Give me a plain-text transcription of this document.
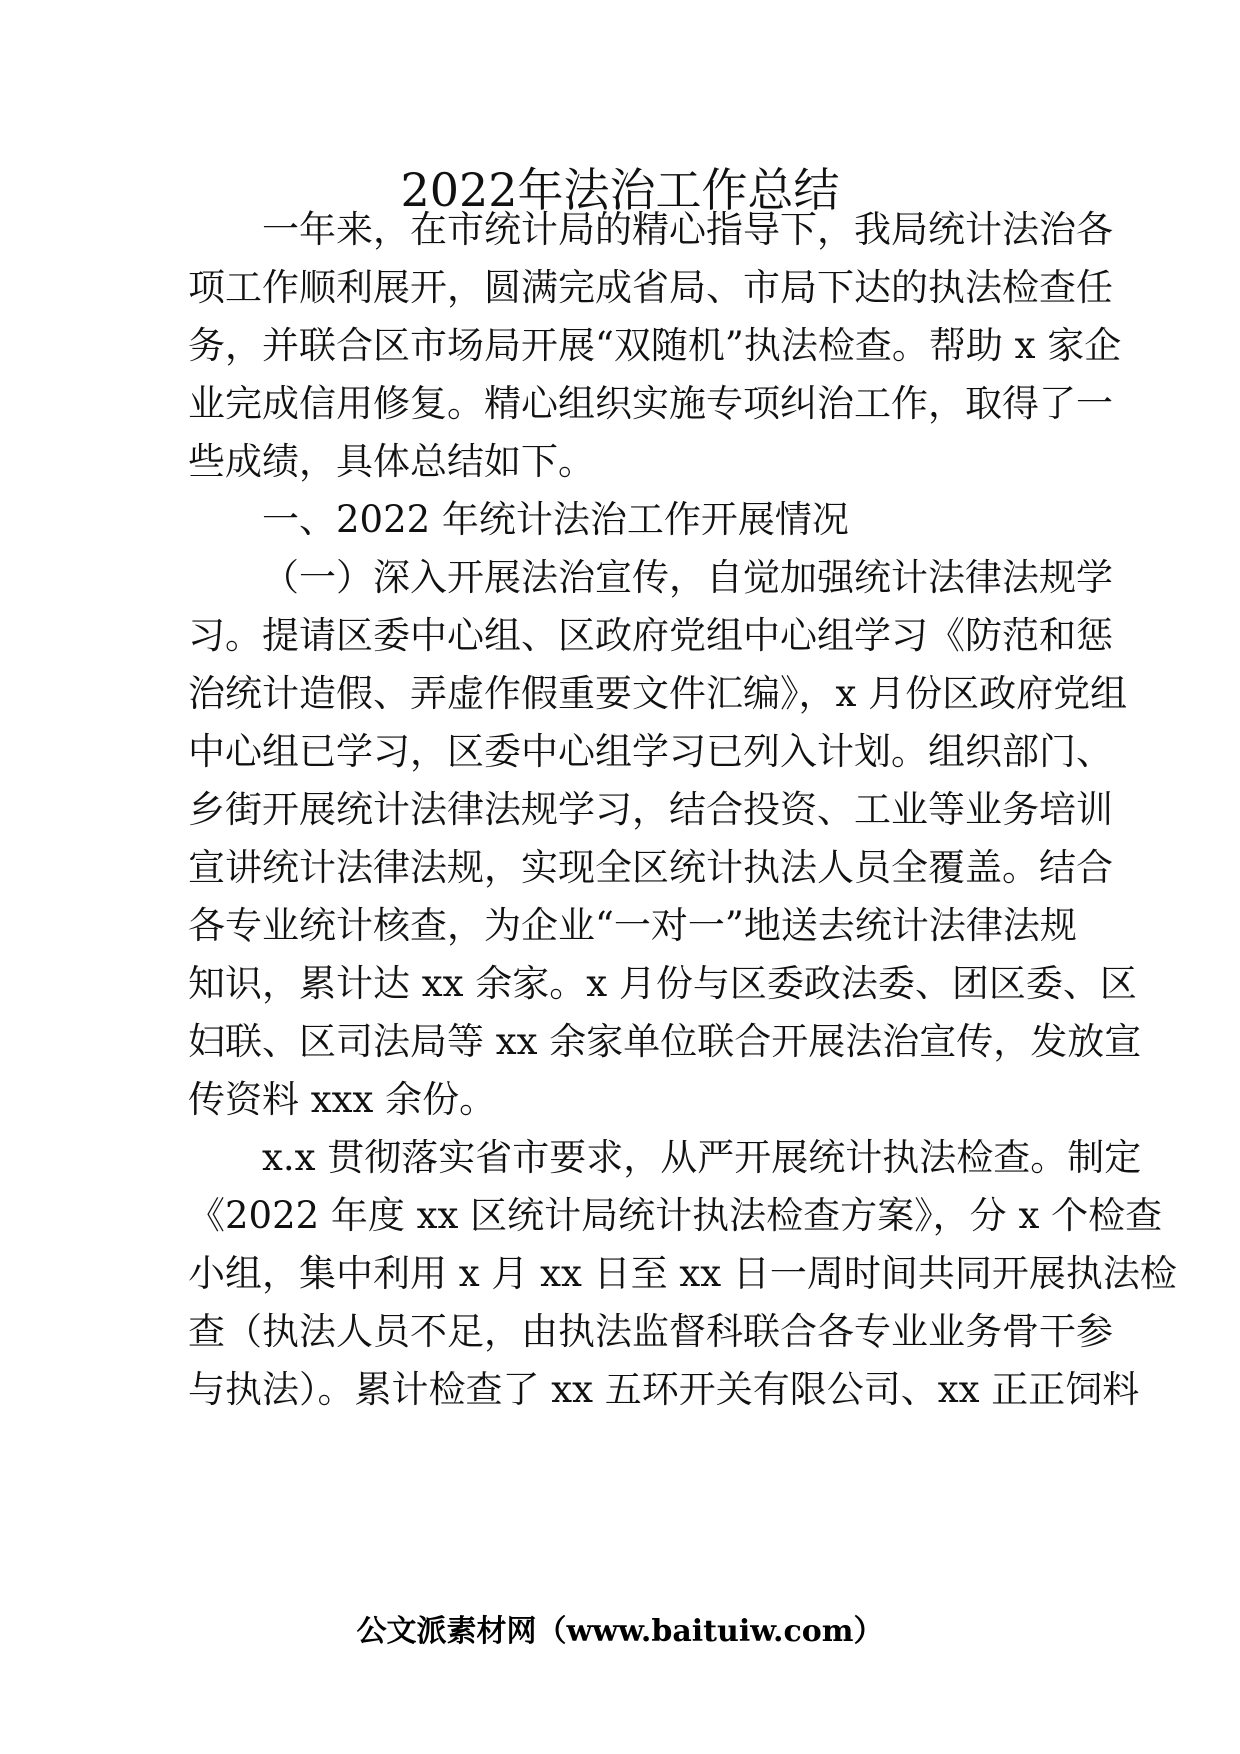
2022年法治工作总结
一年来，在市统计局的精心指导下，我局统计法治各
项工作顺利展开，圆满完成省局、市局下达的执法检查任
务，并联合区市场局开展“双随机”执法检查。帮助 x 家企
业完成信用修复。精心组织实施专项纠治工作，取得了一
些成绩，具体总结如下。
一、2022 年统计法治工作开展情况
（一）深入开展法治宣传，自觉加强统计法律法规学
习。提请区委中心组、区政府党组中心组学习《防范和惩
治统计造假、弄虚作假重要文件汇编》，x 月份区政府党组
中心组已学习，区委中心组学习已列入计划。组织部门、
乡街开展统计法律法规学习，结合投资、工业等业务培训
宣讲统计法律法规，实现全区统计执法人员全覆盖。结合
各专业统计核查，为企业“一对一”地送去统计法律法规
知识，累计达 xx 余家。x 月份与区委政法委、团区委、区
妇联、区司法局等 xx 余家单位联合开展法治宣传，发放宣
传资料 xxx 余份。
x.x 贯彻落实省市要求，从严开展统计执法检查。制定
《2022 年度 xx 区统计局统计执法检查方案》，分 x 个检查
小组，集中利用 x 月 xx 日至 xx 日一周时间共同开展执法检
查（执法人员不足，由执法监督科联合各专业业务骨干参
与执法）。累计检查了 xx 五环开关有限公司、xx 正正饲料
公文派素材网（www.baituiw.com）
